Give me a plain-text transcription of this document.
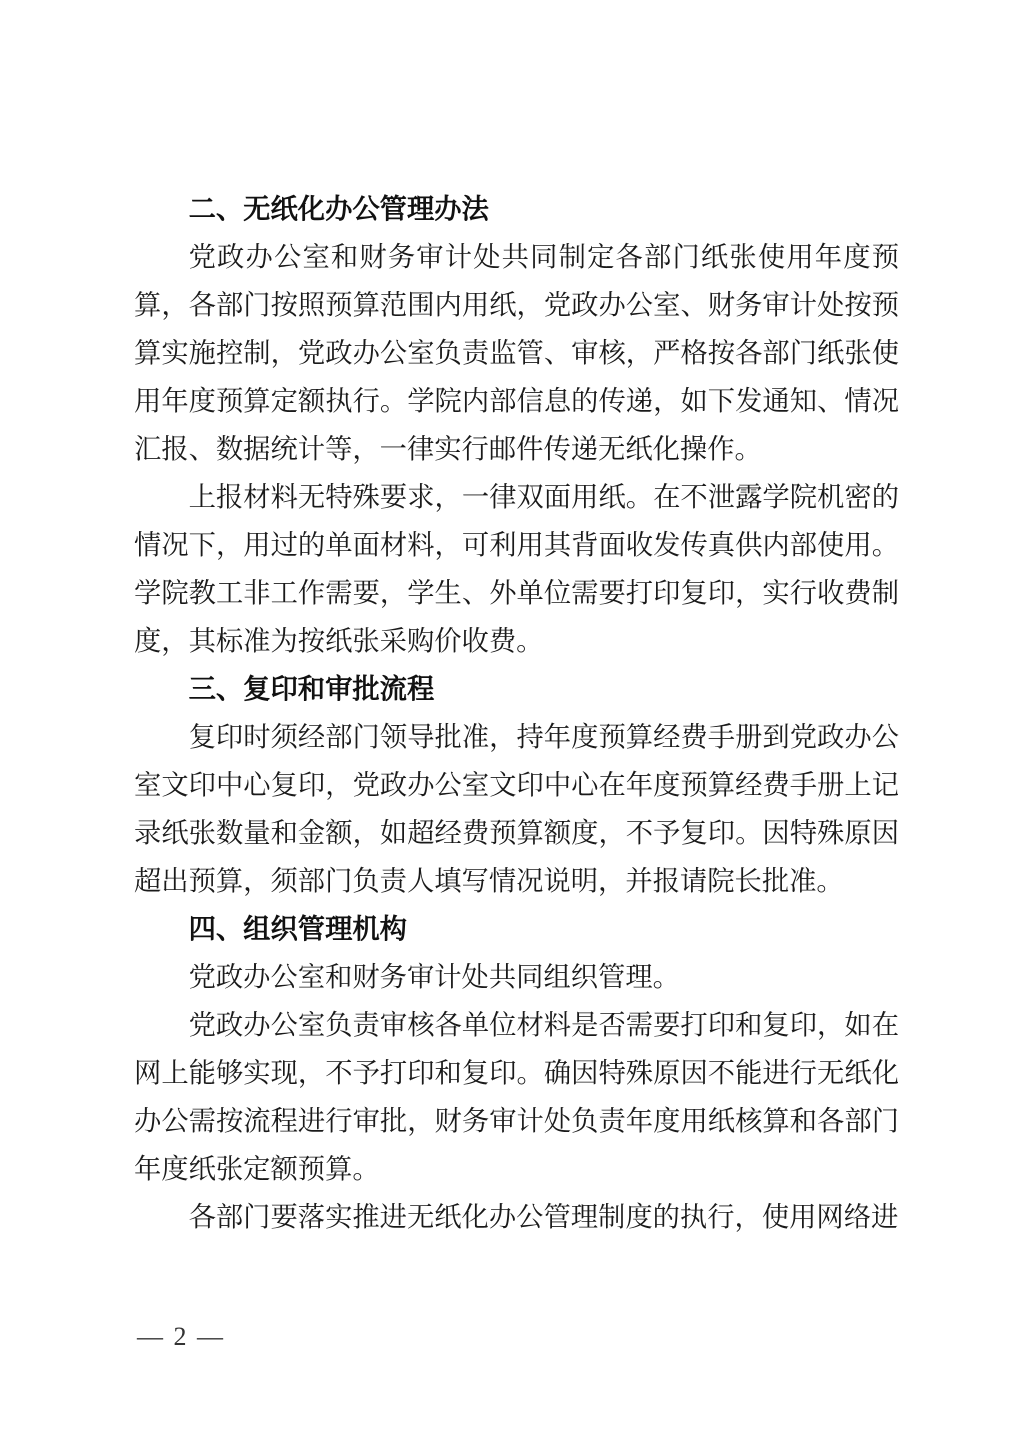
二、无纸化办公管理办法

党政办公室和财务审计处共同制定各部门纸张使用年度预算，各部门按照预算范围内用纸，党政办公室、财务审计处按预算实施控制，党政办公室负责监管、审核，严格按各部门纸张使用年度预算定额执行。学院内部信息的传递，如下发通知、情况汇报、数据统计等，一律实行邮件传递无纸化操作。

上报材料无特殊要求，一律双面用纸。在不泄露学院机密的情况下，用过的单面材料，可利用其背面收发传真供内部使用。学院教工非工作需要，学生、外单位需要打印复印，实行收费制度，其标准为按纸张采购价收费。

三、复印和审批流程

复印时须经部门领导批准，持年度预算经费手册到党政办公室文印中心复印，党政办公室文印中心在年度预算经费手册上记录纸张数量和金额，如超经费预算额度，不予复印。因特殊原因超出预算，须部门负责人填写情况说明，并报请院长批准。

四、组织管理机构

党政办公室和财务审计处共同组织管理。

党政办公室负责审核各单位材料是否需要打印和复印，如在网上能够实现，不予打印和复印。确因特殊原因不能进行无纸化办公需按流程进行审批，财务审计处负责年度用纸核算和各部门年度纸张定额预算。

各部门要落实推进无纸化办公管理制度的执行，使用网络进

— 2 —
